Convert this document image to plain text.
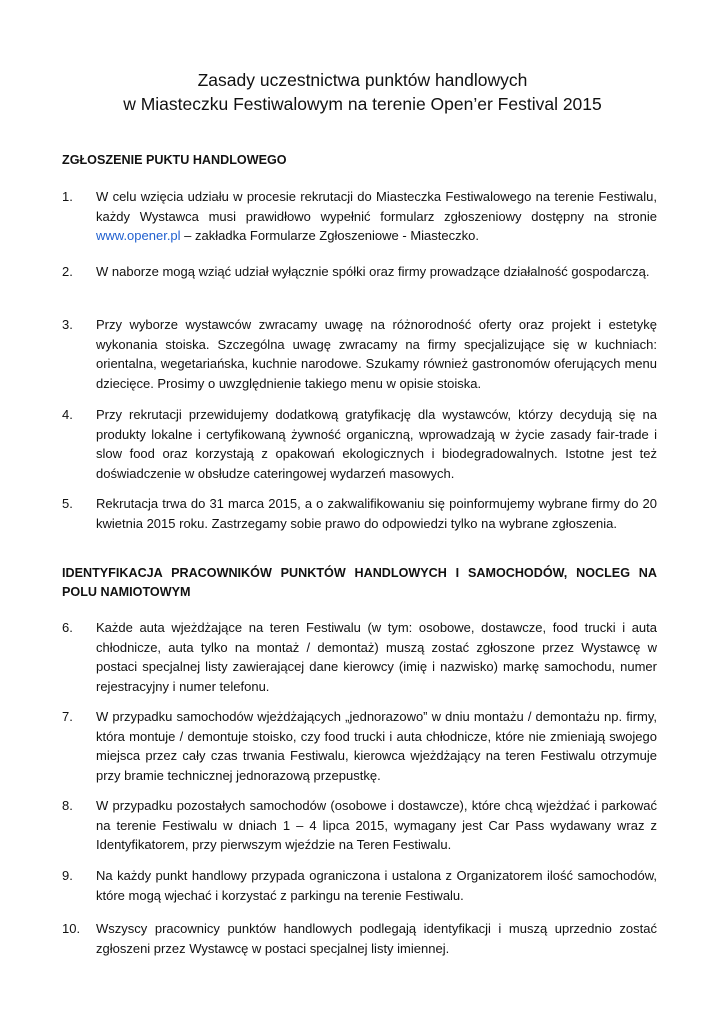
Zasady uczestnictwa punktów handlowych
w Miasteczku Festiwalowym na terenie Open’er Festival 2015
ZGŁOSZENIE PUKTU HANDLOWEGO
1.	W celu wzięcia udziału w procesie rekrutacji do Miasteczka Festiwalowego na terenie Festiwalu, każdy Wystawca musi prawidłowo wypełnić formularz zgłoszeniowy dostępny na stronie www.opener.pl – zakładka Formularze Zgłoszeniowe - Miasteczko.
2.	W naborze mogą wziąć udział wyłącznie spółki oraz firmy prowadzące działalność gospodarczą.
3.	Przy wyborze wystawców zwracamy uwagę na różnorodność oferty oraz projekt i estetykę wykonania stoiska. Szczególna uwagę zwracamy na firmy specjalizujące się w kuchniach: orientalna, wegetariańska, kuchnie narodowe. Szukamy również gastronomów oferujących menu dziecięce. Prosimy o uwzględnienie takiego menu w opisie stoiska.
4.	Przy rekrutacji przewidujemy dodatkową gratyfikację dla wystawców, którzy decydują się na produkty lokalne i certyfikowaną żywność organiczną, wprowadzają w życie zasady fair-trade i slow food oraz korzystają z opakowań ekologicznych i biodegradowalnych. Istotne jest też doświadczenie w obsłudze cateringowej wydarzeń masowych.
5.	Rekrutacja trwa do 31 marca 2015, a o zakwalifikowaniu się poinformujemy wybrane firmy do 20 kwietnia 2015 roku. Zastrzegamy sobie prawo do odpowiedzi tylko na wybrane zgłoszenia.
IDENTYFIKACJA PRACOWNIKÓW PUNKTÓW HANDLOWYCH I SAMOCHODÓW, NOCLEG NA POLU NAMIOTOWYM
6.	Każde auta wjeżdżające na teren Festiwalu (w tym: osobowe, dostawcze, food trucki i auta chłodnicze, auta tylko na montaż / demontaż) muszą zostać zgłoszone przez Wystawcę w postaci specjalnej listy zawierającej dane kierowcy (imię i nazwisko) markę samochodu, numer rejestracyjny i numer telefonu.
7.	W przypadku samochodów wjeżdżających „jednorazowo” w dniu montażu / demontażu np. firmy, która montuje / demontuje stoisko, czy food trucki i auta chłodnicze, które nie zmieniają swojego miejsca przez cały czas trwania Festiwalu, kierowca wjeżdżający na teren Festiwalu otrzymuje przy bramie technicznej jednorazową przepustkę.
8.	W przypadku pozostałych samochodów (osobowe i dostawcze), które chcą wjeżdżać i parkować na terenie Festiwalu w dniach 1 – 4 lipca 2015, wymagany jest Car Pass wydawany wraz z Identyfikatorem, przy pierwszym wjeździe na Teren Festiwalu.
9.	Na każdy punkt handlowy przypada ograniczona i ustalona z Organizatorem ilość samochodów, które mogą wjechać i korzystać z parkingu na terenie Festiwalu.
10.	Wszyscy pracownicy punktów handlowych podlegają identyfikacji i muszą uprzednio zostać zgłoszeni przez Wystawcę w postaci specjalnej listy imiennej.
